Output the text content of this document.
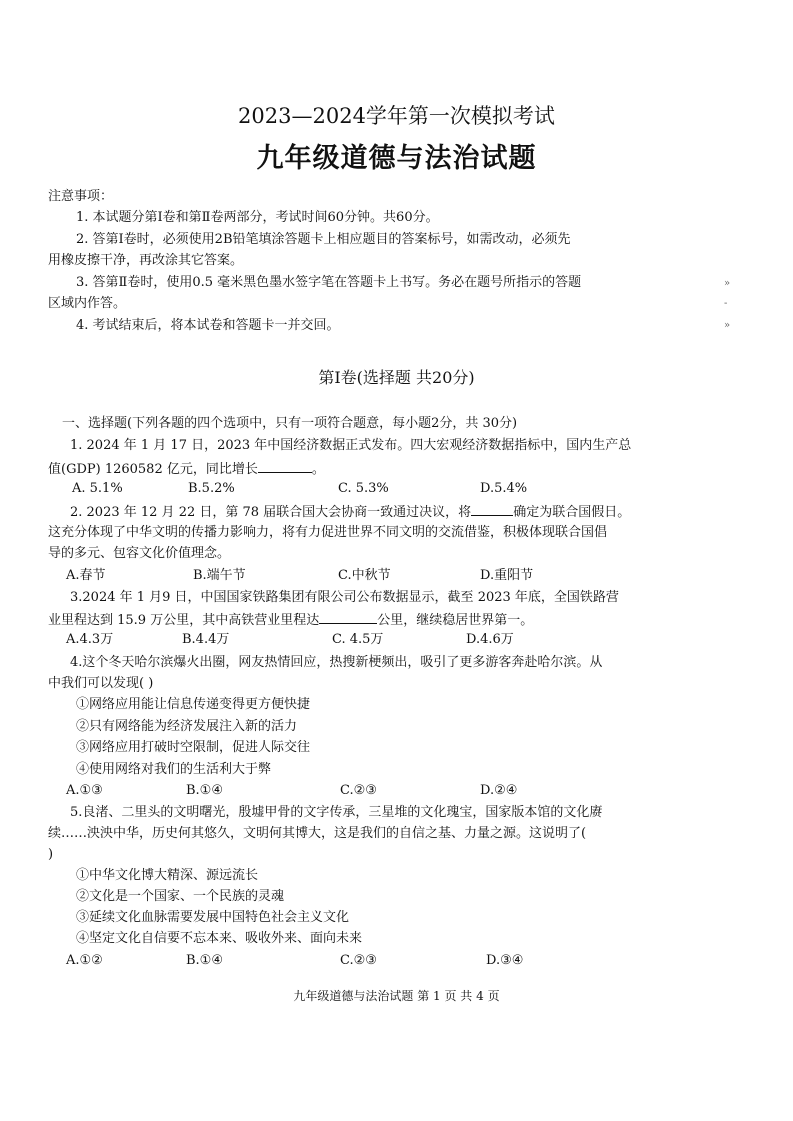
2023—2024学年第一次模拟考试
九年级道德与法治试题
注意事项：
1. 本试题分第Ⅰ卷和第Ⅱ卷两部分，考试时间60分钟。共60分。
2. 答第Ⅰ卷时，必须使用2B铅笔填涂答题卡上相应题目的答案标号，如需改动，必须先
用橡皮擦干净，再改涂其它答案。
3. 答第Ⅱ卷时，使用0.5 毫米黑色墨水签字笔在答题卡上书写。务必在题号所指示的答题
区域内作答。
4. 考试结束后，将本试卷和答题卡一并交回。
»
-
»
第Ⅰ卷(选择题 共20分)
一、选择题(下列各题的四个选项中，只有一项符合题意，每小题2分，共 30分)
1. 2024 年 1 月 17 日，2023 年中国经济数据正式发布。四大宏观经济数据指标中，国内生产总
值(GDP) 1260582 亿元，同比增长	。
A. 5.1%	B.5.2%	C. 5.3%	D.5.4%
2. 2023 年 12 月 22 日，第 78 届联合国大会协商一致通过决议，将	确定为联合国假日。
这充分体现了中华文明的传播力影响力，将有力促进世界不同文明的交流借鉴，积极体现联合国倡
导的多元、包容文化价值理念。
A.春节	B.端午节	C.中秋节	D.重阳节
3.2024 年 1 月9 日，中国国家铁路集团有限公司公布数据显示，截至 2023 年底，全国铁路营
业里程达到 15.9 万公里，其中高铁营业里程达	公里，继续稳居世界第一。
A.4.3万	B.4.4万	C. 4.5万	D.4.6万
4.这个冬天哈尔滨爆火出圈，网友热情回应，热搜新梗频出，吸引了更多游客奔赴哈尔滨。从
中我们可以发现( )
①网络应用能让信息传递变得更方便快捷
②只有网络能为经济发展注入新的活力
③网络应用打破时空限制，促进人际交往
④使用网络对我们的生活利大于弊
A.①③	B.①④	C.②③	D.②④
5.良渚、二里头的文明曙光，殷墟甲骨的文字传承，三星堆的文化瑰宝，国家版本馆的文化赓
续……泱泱中华，历史何其悠久，文明何其博大，这是我们的自信之基、力量之源。这说明了(
)
①中华文化博大精深、源远流长
②文化是一个国家、一个民族的灵魂
③延续文化血脉需要发展中国特色社会主义文化
④坚定文化自信要不忘本来、吸收外来、面向未来
A.①②	B.①④	C.②③	D.③④
九年级道德与法治试题 第 1 页 共 4 页
